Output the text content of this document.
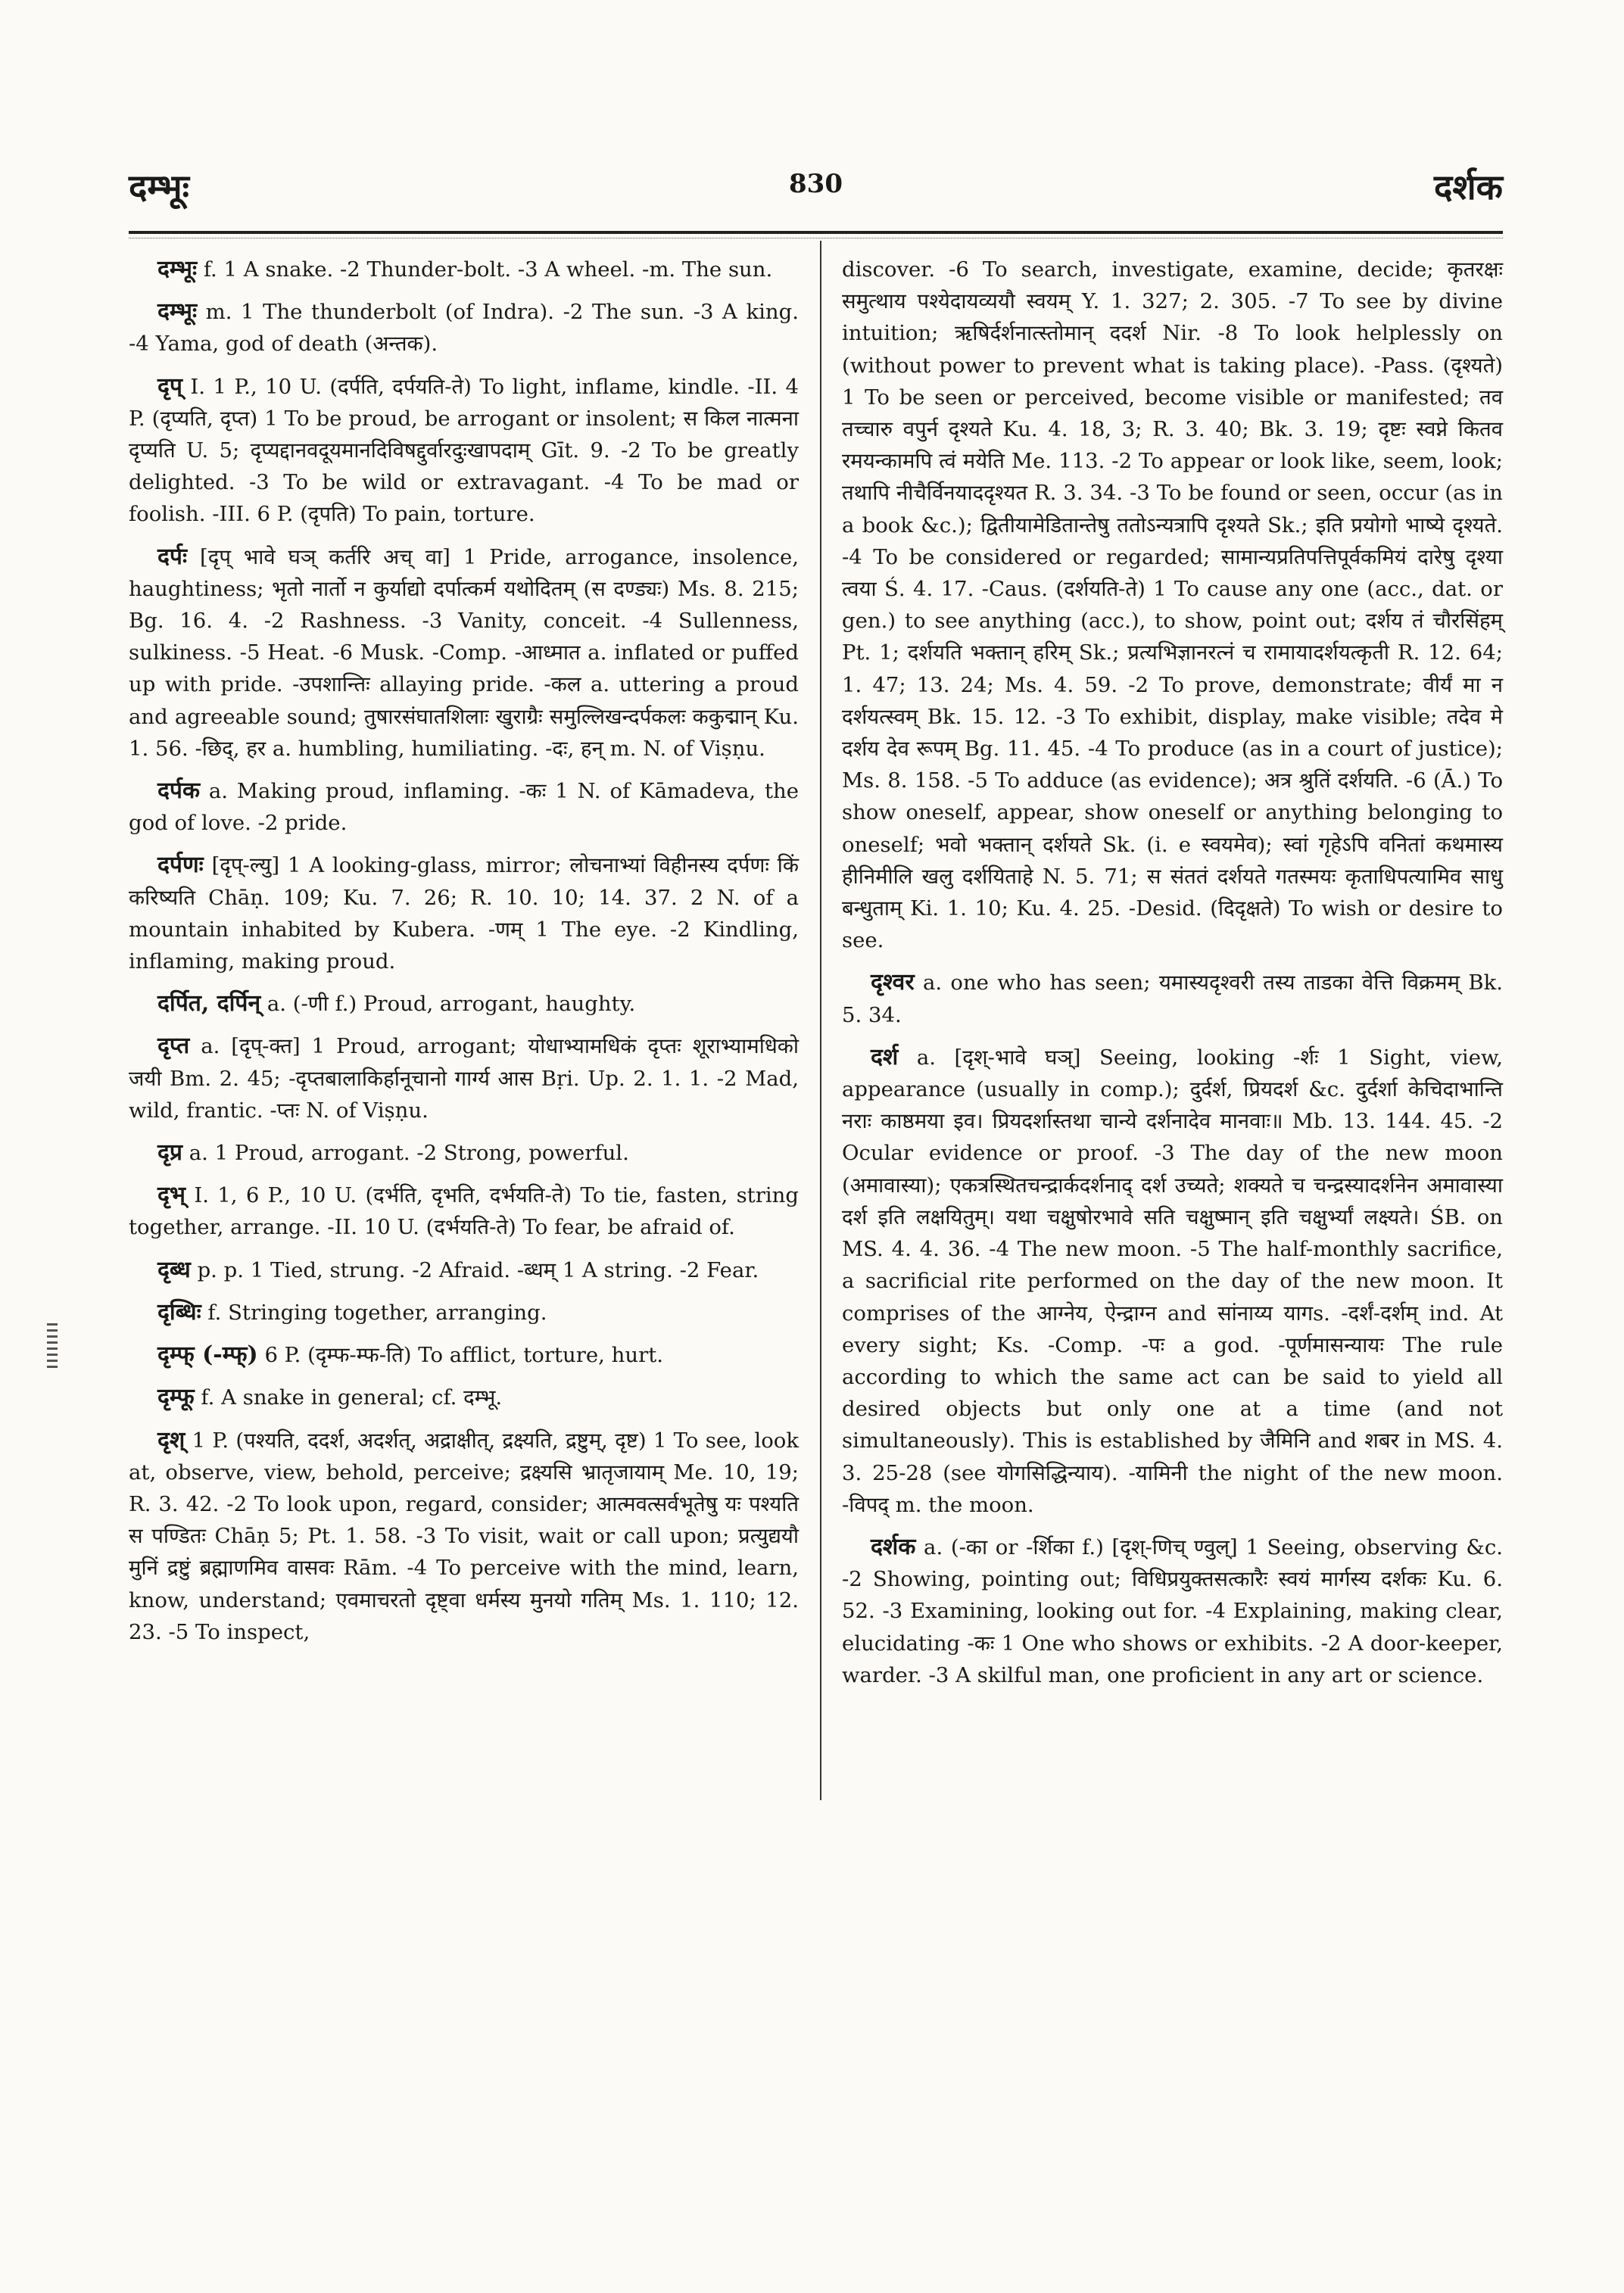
दम्भूः	830	दर्शक

दम्भूः f. 1 A snake. -2 Thunder-bolt. -3 A wheel. -m. The sun.

दम्भूः m. 1 The thunderbolt (of Indra). -2 The sun. -3 A king. -4 Yama, god of death (अन्तक).

दृप् I. 1 P., 10 U. (दर्पति, दर्पयति-ते) To light, inflame, kindle. -II. 4 P. (दृप्यति, दृप्त) 1 To be proud, be arrogant or insolent; स किल नात्मना दृप्यति U. 5; दृप्यद्दानवदूयमानदिविषद्दुर्वारदुःखापदाम् Gīt. 9. -2 To be greatly delighted. -3 To be wild or extravagant. -4 To be mad or foolish. -III. 6 P. (दृपति) To pain, torture.

दर्पः [दृप् भावे घञ् कर्तरि अच् वा] 1 Pride, arrogance, insolence, haughtiness; भृतो नार्तो न कुर्याद्यो दर्पात्कर्म यथोदितम् (स दण्ड्यः) Ms. 8. 215; Bg. 16. 4. -2 Rashness. -3 Vanity, conceit. -4 Sullenness, sulkiness. -5 Heat. -6 Musk. -Comp. -आध्मात a. inflated or puffed up with pride. -उपशान्तिः allaying pride. -कल a. uttering a proud and agreeable sound; तुषारसंघातशिलाः खुराग्रैः समुल्लिखन्दर्पकलः ककुद्मान् Ku. 1. 56. -छिद्, हर a. humbling, humiliating. -दः, हन् m. N. of Viṣṇu.

दर्पक a. Making proud, inflaming. -कः 1 N. of Kāmadeva, the god of love. -2 pride.

दर्पणः [दृप्-ल्यु] 1 A looking-glass, mirror; लोचनाभ्यां विहीनस्य दर्पणः किं करिष्यति Chāṇ. 109; Ku. 7. 26; R. 10. 10; 14. 37. 2 N. of a mountain inhabited by Kubera. -णम् 1 The eye. -2 Kindling, inflaming, making proud.

दर्पित, दर्पिन् a. (-णी f.) Proud, arrogant, haughty.

दृप्त a. [दृप्-क्त] 1 Proud, arrogant; योधाभ्यामधिकं दृप्तः शूराभ्यामधिको जयी Bm. 2. 45; -दृप्तबालाकिर्हानूचानो गार्ग्य आस Bṛi. Up. 2. 1. 1. -2 Mad, wild, frantic. -प्तः N. of Viṣṇu.

दृप्र a. 1 Proud, arrogant. -2 Strong, powerful.

दृभ् I. 1, 6 P., 10 U. (दर्भति, दृभति, दर्भयति-ते) To tie, fasten, string together, arrange. -II. 10 U. (दर्भयति-ते) To fear, be afraid of.

दृब्ध p. p. 1 Tied, strung. -2 Afraid. -ब्धम् 1 A string. -2 Fear.

दृब्धिः f. Stringing together, arranging.

दृम्फ् (-म्फ्) 6 P. (दृम्फ-म्फ-ति) To afflict, torture, hurt.

दृम्फू f. A snake in general; cf. दम्भू.

दृश् 1 P. (पश्यति, ददर्श, अदर्शत्, अद्राक्षीत्, द्रक्ष्यति, द्रष्टुम्, दृष्ट) 1 To see, look at, observe, view, behold, perceive; द्रक्ष्यसि भ्रातृजायाम् Me. 10, 19; R. 3. 42. -2 To look upon, regard, consider; आत्मवत्सर्वभूतेषु यः पश्यति स पण्डितः Chāṇ 5; Pt. 1. 58. -3 To visit, wait or call upon; प्रत्युद्ययौ मुनिं द्रष्टुं ब्रह्माणमिव वासवः Rām. -4 To perceive with the mind, learn, know, understand; एवमाचरतो दृष्ट्वा धर्मस्य मुनयो गतिम् Ms. 1. 110; 12. 23. -5 To inspect,

discover. -6 To search, investigate, examine, decide; कृतरक्षः समुत्थाय पश्येदायव्ययौ स्वयम् Y. 1. 327; 2. 305. -7 To see by divine intuition; ऋषिर्दर्शनात्स्तोमान् ददर्श Nir. -8 To look helplessly on (without power to prevent what is taking place). -Pass. (दृश्यते) 1 To be seen or perceived, become visible or manifested; तव तच्चारु वपुर्न दृश्यते Ku. 4. 18, 3; R. 3. 40; Bk. 3. 19; दृष्टः स्वप्ने कितव रमयन्कामपि त्वं मयेति Me. 113. -2 To appear or look like, seem, look; तथापि नीचैर्विनयाददृश्यत R. 3. 34. -3 To be found or seen, occur (as in a book &c.); द्वितीयामेडितान्तेषु ततोऽन्यत्रापि दृश्यते Sk.; इति प्रयोगो भाष्ये दृश्यते. -4 To be considered or regarded; सामान्यप्रतिपत्तिपूर्वकमियं दारेषु दृश्या त्वया Ś. 4. 17. -Caus. (दर्शयति-ते) 1 To cause any one (acc., dat. or gen.) to see anything (acc.), to show, point out; दर्शय तं चौरसिंहम् Pt. 1; दर्शयति भक्तान् हरिम् Sk.; प्रत्यभिज्ञानरत्नं च रामायादर्शयत्कृती R. 12. 64; 1. 47; 13. 24; Ms. 4. 59. -2 To prove, demonstrate; वीर्यं मा न दर्शयत्स्वम् Bk. 15. 12. -3 To exhibit, display, make visible; तदेव मे दर्शय देव रूपम् Bg. 11. 45. -4 To produce (as in a court of justice); Ms. 8. 158. -5 To adduce (as evidence); अत्र श्रुतिं दर्शयति. -6 (Ā.) To show oneself, appear, show oneself or anything belonging to oneself; भवो भक्तान् दर्शयते Sk. (i. e स्वयमेव); स्वां गृहेऽपि वनितां कथमास्य हीनिमीलि खलु दर्शयिताहे N. 5. 71; स संततं दर्शयते गतस्मयः कृताधिपत्यामिव साधु बन्धुताम् Ki. 1. 10; Ku. 4. 25. -Desid. (दिदृक्षते) To wish or desire to see.

दृश्वर a. one who has seen; यमास्यदृश्वरी तस्य ताडका वेत्ति विक्रमम् Bk. 5. 34.

दर्श a. [दृश्-भावे घञ्] Seeing, looking -र्शः 1 Sight, view, appearance (usually in comp.); दुर्दर्श, प्रियदर्श &c. दुर्दर्शा केचिदाभान्ति नराः काष्ठमया इव। प्रियदर्शास्तथा चान्ये दर्शनादेव मानवाः॥ Mb. 13. 144. 45. -2 Ocular evidence or proof. -3 The day of the new moon (अमावास्या); एकत्रस्थितचन्द्रार्कदर्शनाद् दर्श उच्यते; शक्यते च चन्द्रस्यादर्शनेन अमावास्या दर्श इति लक्षयितुम्। यथा चक्षुषोरभावे सति चक्षुष्मान् इति चक्षुर्भ्यां लक्ष्यते। ŚB. on MS. 4. 4. 36. -4 The new moon. -5 The half-monthly sacrifice, a sacrificial rite performed on the day of the new moon. It comprises of the आग्नेय, ऐन्द्राग्न and सांनाय्य यागs. -दर्शं-दर्शम् ind. At every sight; Ks. -Comp. -पः a god. -पूर्णमासन्यायः The rule according to which the same act can be said to yield all desired objects but only one at a time (and not simultaneously). This is established by जैमिनि and शबर in MS. 4. 3. 25-28 (see योगसिद्धिन्याय). -यामिनी the night of the new moon. -विपद् m. the moon.

दर्शक a. (-का or -र्शिका f.) [दृश्-णिच् ण्वुल्] 1 Seeing, observing &c. -2 Showing, pointing out; विधिप्रयुक्तसत्कारैः स्वयं मार्गस्य दर्शकः Ku. 6. 52. -3 Examining, looking out for. -4 Explaining, making clear, elucidating -कः 1 One who shows or exhibits. -2 A door-keeper, warder. -3 A skilful man, one proficient in any art or science.
